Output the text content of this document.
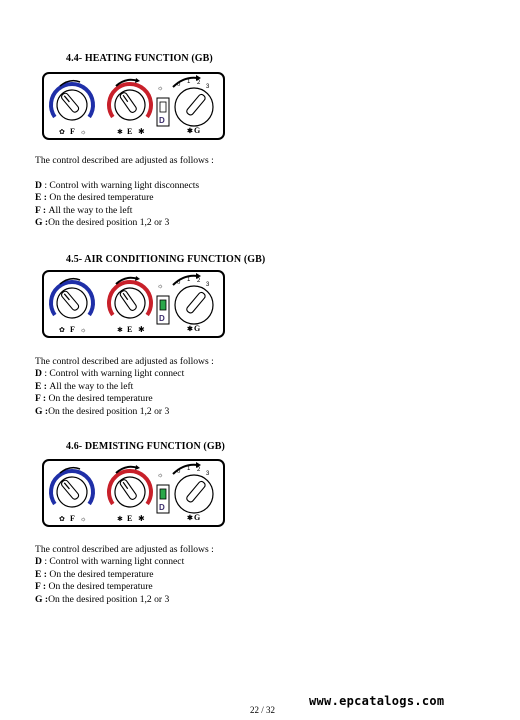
4.4- HEATING FUNCTION (GB)
✿ F ☼	✱ E ✱
☼
D
0 1 2
3
✱ G
The control described are adjusted as follows :
D : Control with warning light disconnects
E : On the desired temperature
F : All the way to the left
G :On the desired position 1,2 or 3
4.5- AIR CONDITIONING FUNCTION (GB)
✿ F ☼	✱ E ✱
☼
D
0 1 2
3
✱ G
The control described are adjusted as follows :
D : Control with warning light connect
E : All the way to the left
F : On the desired temperature
G :On the desired position 1,2 or 3
4.6- DEMISTING FUNCTION (GB)
✿ F ☼	✱ E ✱
☼
D
0 1 2
3
✱ G
The control described are adjusted as follows :
D : Control with warning light connect
E : On the desired temperature
F : On the desired temperature
G :On the desired position 1,2 or 3
www.epcatalogs.com
22 / 32
